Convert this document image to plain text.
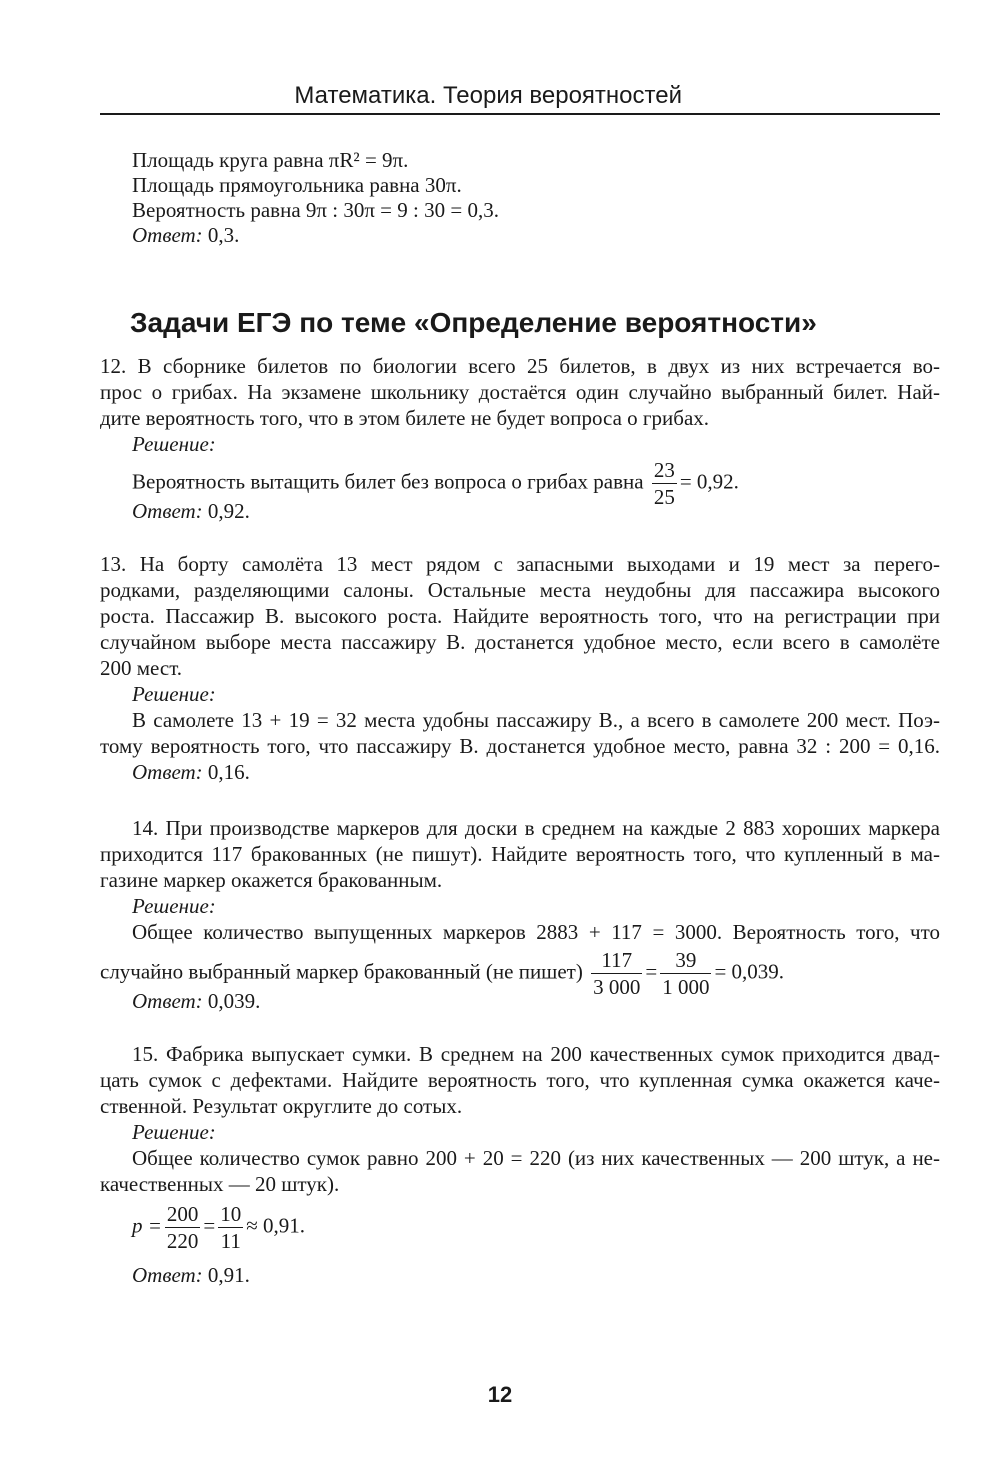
Математика. Теория вероятностей
Площадь круга равна πR² = 9π.
Площадь прямоугольника равна 30π.
Вероятность равна 9π : 30π = 9 : 30 = 0,3.
Ответ: 0,3.
Задачи ЕГЭ по теме «Определение вероятности»
12. В сборнике билетов по биологии всего 25 билетов, в двух из них встречается во-
прос о грибах. На экзамене школьнику достаётся один случайно выбранный билет. Най-
дите вероятность того, что в этом билете не будет вопроса о грибах.
Решение:
Вероятность вытащить билет без вопроса о грибах равна $\frac{23}{25} = 0,92$.
Ответ: 0,92.
13. На борту самолёта 13 мест рядом с запасными выходами и 19 мест за перего-
родками, разделяющими салоны. Остальные места неудобны для пассажира высокого
роста. Пассажир В. высокого роста. Найдите вероятность того, что на регистрации при
случайном выборе места пассажиру В. достанется удобное место, если всего в самолёте
200 мест.
Решение:
В самолете 13 + 19 = 32 места удобны пассажиру В., а всего в самолете 200 мест. Поэ-
тому вероятность того, что пассажиру В. достанется удобное место, равна 32 : 200 = 0,16.
Ответ: 0,16.
14. При производстве маркеров для доски в среднем на каждые 2 883 хороших маркера
приходится 117 бракованных (не пишут). Найдите вероятность того, что купленный в ма-
газине маркер окажется бракованным.
Решение:
Общее количество выпущенных маркеров 2883 + 117 = 3000. Вероятность того, что
случайно выбранный маркер бракованный (не пишет) $\frac{117}{3 000} = \frac{39}{1 000} = 0,039$.
Ответ: 0,039.
15. Фабрика выпускает сумки. В среднем на 200 качественных сумок приходится двад-
цать сумок с дефектами. Найдите вероятность того, что купленная сумка окажется каче-
ственной. Результат округлите до сотых.
Решение:
Общее количество сумок равно 200 + 20 = 220 (из них качественных — 200 штук, а не-
качественных — 20 штук).
$p = \frac{200}{220} = \frac{10}{11} \approx 0,91$.
Ответ: 0,91.
12
